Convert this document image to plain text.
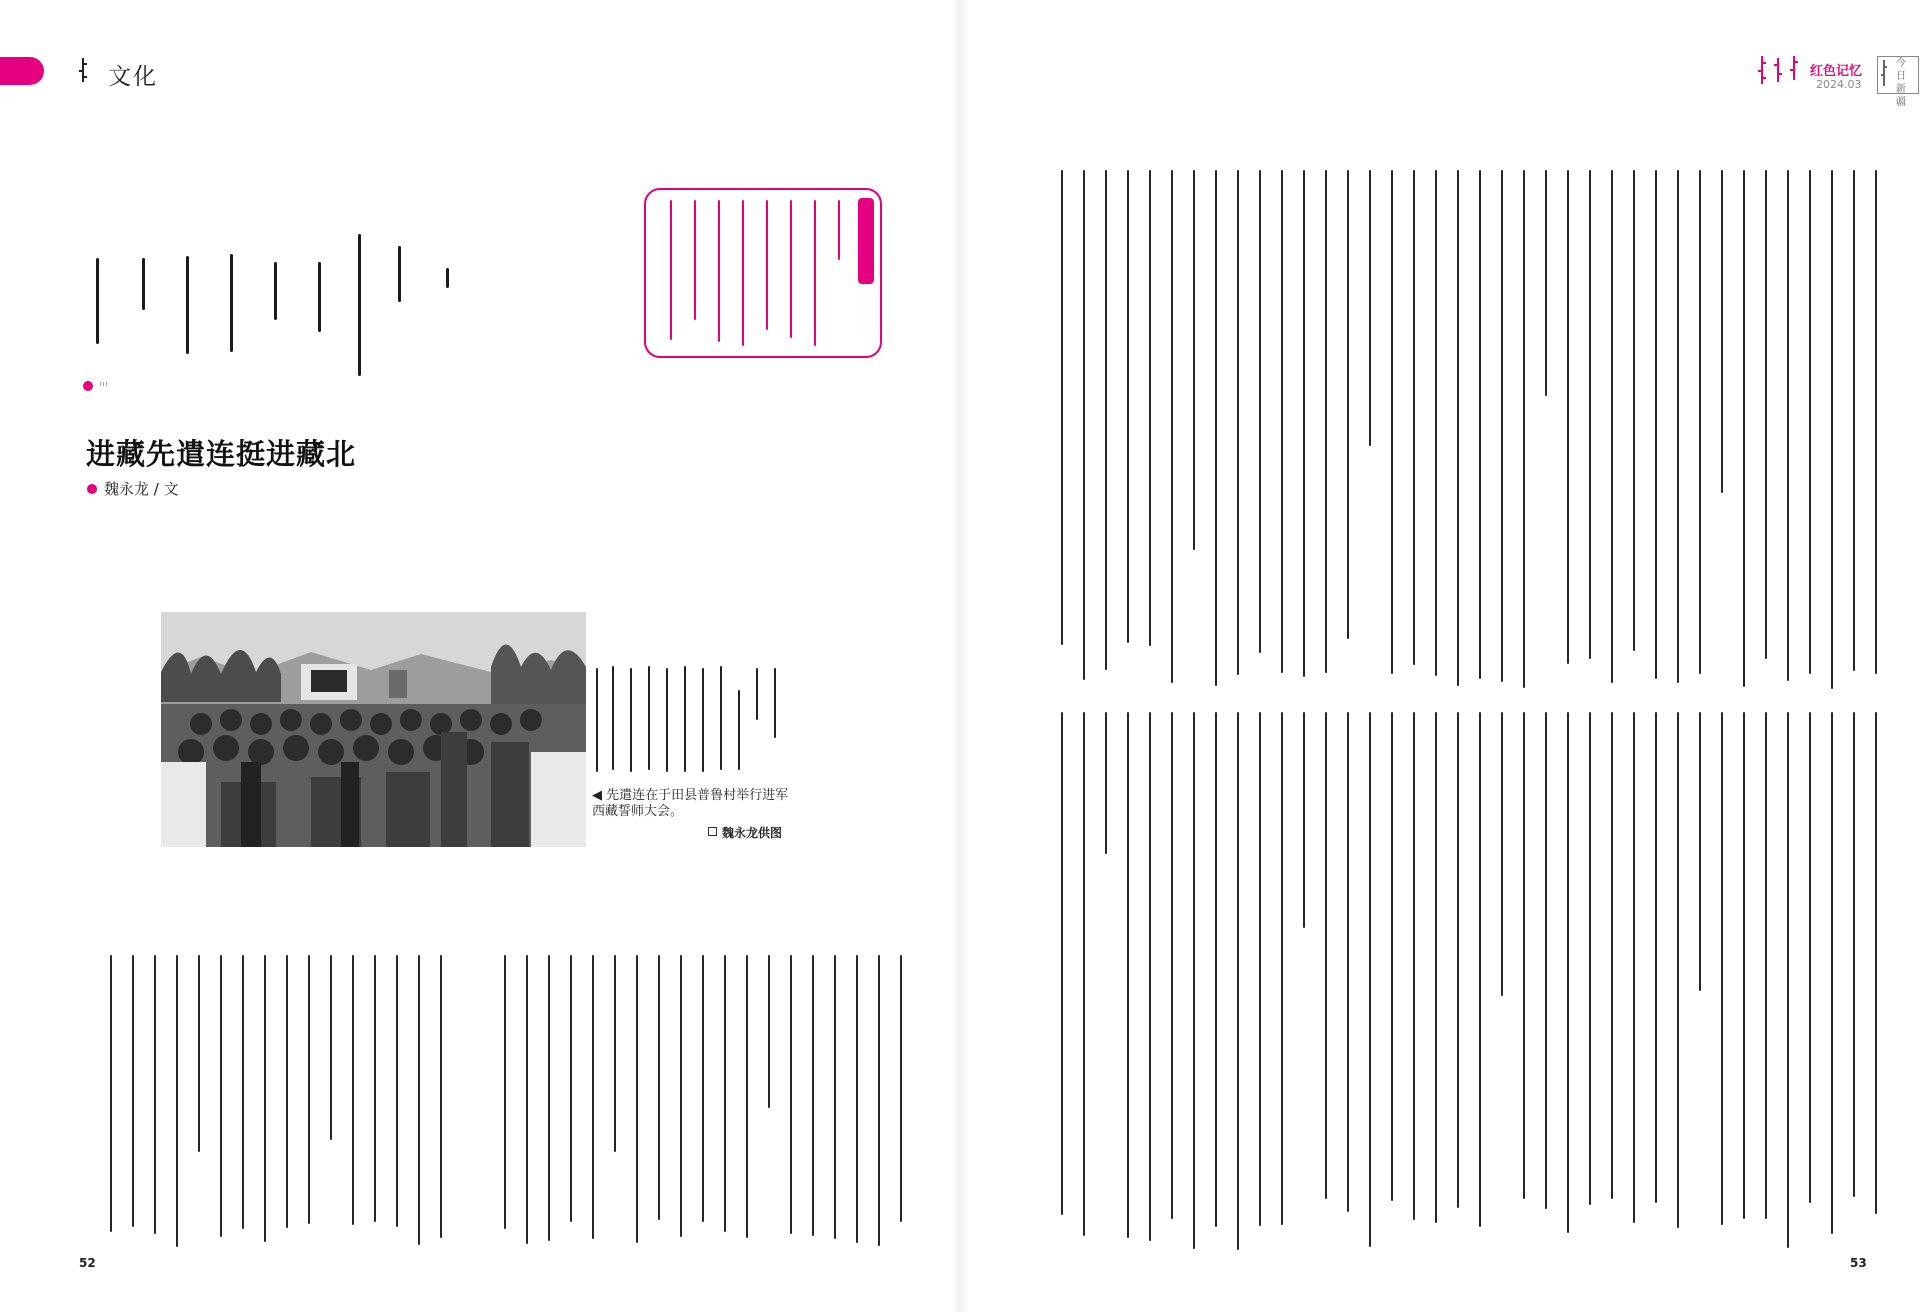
文化	红色记忆
2024.03
今日新疆
进藏先遣连挺进藏北
魏永龙 / 文
◀ 先遣连在于田县普鲁村举行进军西藏誓师大会。
魏永龙供图
52	53
